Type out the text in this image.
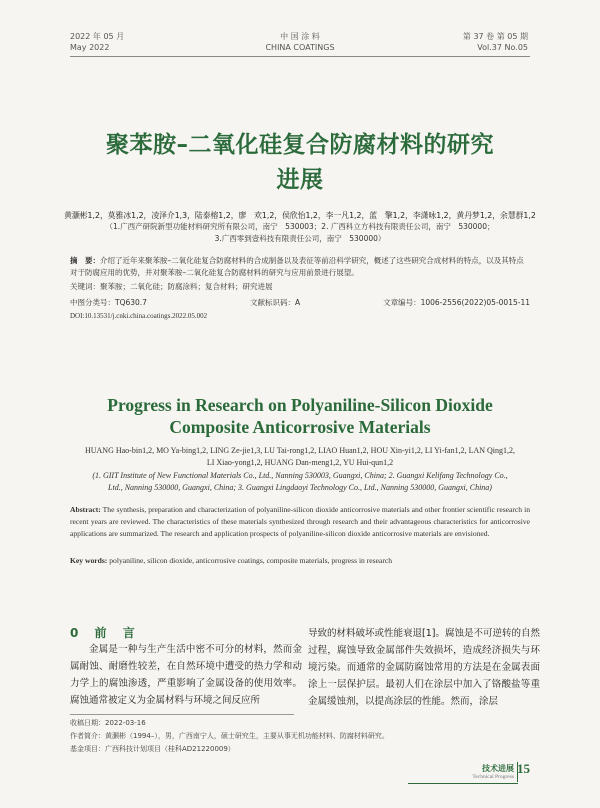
2022 年 05 月
May 2022
中 国 涂 料
CHINA COATINGS
第 37 卷 第 05 期
Vol.37 No.05
聚苯胺–二氧化硅复合防腐材料的研究
进展
黄灏彬1,2，莫雅冰1,2，凌泽介1,3，陆泰榕1,2，廖　欢1,2，侯欣怡1,2，李一凡1,2，蓝　擎1,2，李潇咏1,2，黄丹梦1,2，余慧群1,2
（1.广西产研院新型功能材料研究所有限公司，南宁　530003；2. 广西科立方科技有限责任公司，南宁　530000；
3.广西零到壹科技有限责任公司，南宁　530000）
摘　要：介绍了近年来聚苯胺–二氧化硅复合防腐材料的合成制备以及表征等前沿科学研究，概述了这些研究合成材料的特点，以及其特点对于防腐应用的优势，并对聚苯胺–二氧化硅复合防腐材料的研究与应用前景进行展望。
关键词：聚苯胺；二氧化硅；防腐涂料；复合材料；研究进展
中图分类号：TQ630.7	文献标识码：A	文章编号：1006-2556(2022)05-0015-11
DOI:10.13531/j.cnki.china.coatings.2022.05.002
Progress in Research on Polyaniline-Silicon Dioxide
Composite Anticorrosive Materials
HUANG Hao-bin1,2, MO Ya-bing1,2, LING Ze-jie1,3, LU Tai-rong1,2, LIAO Huan1,2, HOU Xin-yi1,2, LI Yi-fan1,2, LAN Qing1,2,
LI Xiao-yong1,2, HUANG Dan-meng1,2, YU Hui-qun1,2
(1. GIIT Institute of New Functional Materials Co., Ltd., Nanning 530003, Guangxi, China; 2. Guangxi Kelifang Technology Co.,
Ltd., Nanning 530000, Guangxi, China; 3. Guangxi Lingdaoyi Technology Co., Ltd., Nanning 530000, Guangxi, China)
Abstract: The synthesis, preparation and characterization of polyaniline-silicon dioxide anticorrosive materials and other frontier scientific research in recent years are reviewed. The characteristics of these materials synthesized through research and their advantageous characteristics for anticorrosive applications are summarized. The research and application prospects of polyaniline-silicon dioxide anticorrosive materials are envisioned.
Key words: polyaniline, silicon dioxide, anticorrosive coatings, composite materials, progress in research
0 前 言
金属是一种与生产生活中密不可分的材料，然而金属耐蚀、耐磨性较差，在自然环境中遭受的热力学和动力学上的腐蚀渗透，严重影响了金属设备的使用效率。腐蚀通常被定义为金属材料与环境之间反应所
导致的材料破坏或性能衰退[1]。腐蚀是不可逆转的自然过程，腐蚀导致金属部件失效损坏，造成经济损失与环境污染。而通常的金属防腐蚀常用的方法是在金属表面涂上一层保护层。最初人们在涂层中加入了铬酸盐等重金属缓蚀剂，以提高涂层的性能。然而，涂层
收稿日期：2022-03-16
作者简介：黄灏彬（1994–），男，广西南宁人，硕士研究生，主要从事无机功能材料、防腐材料研究。
基金项目：广西科技计划项目（桂科AD21220009）
技术进展
Technical Progress
15
